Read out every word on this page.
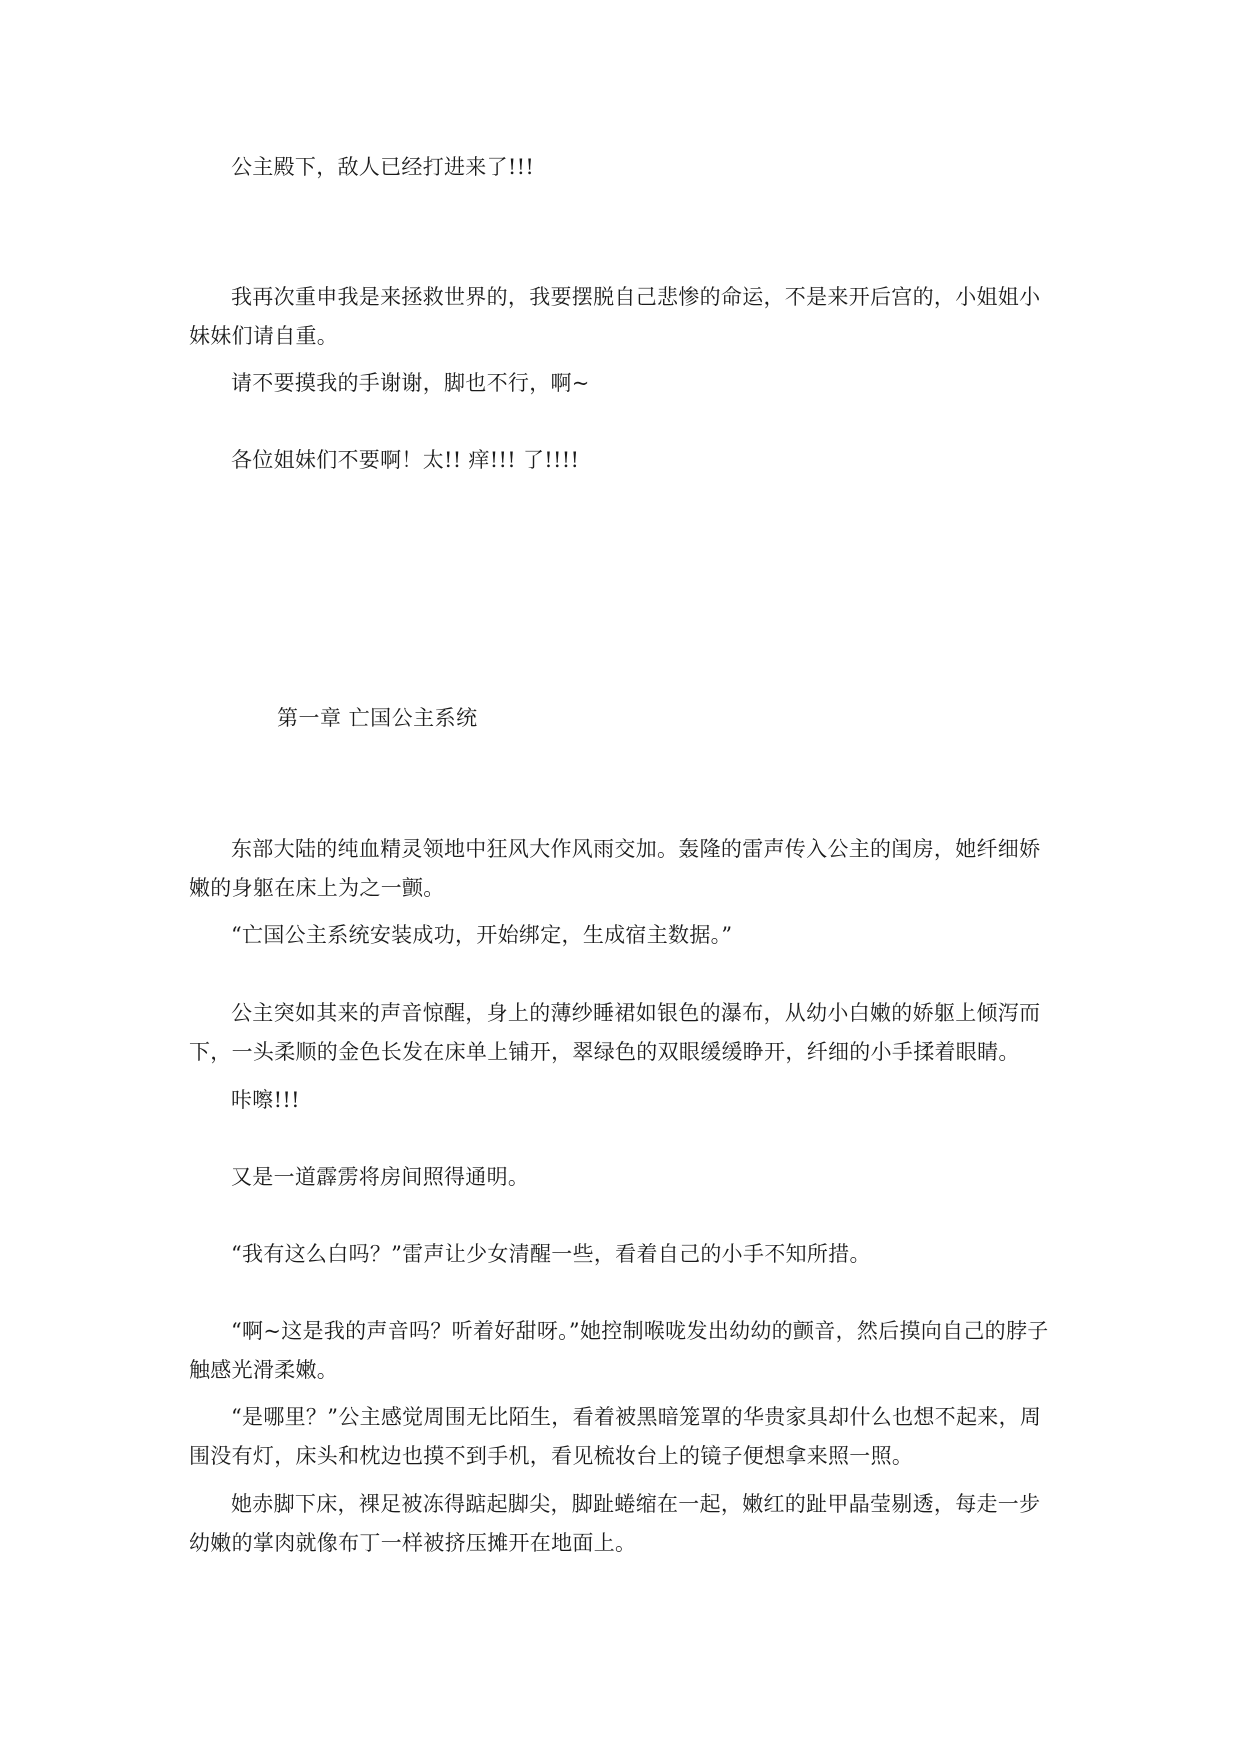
公主殿下，敌人已经打进来了!!!

我再次重申我是来拯救世界的，我要摆脱自己悲惨的命运，不是来开后宫的，小姐姐小妹妹们请自重。

请不要摸我的手谢谢，脚也不行，啊~

各位姐妹们不要啊！太!! 痒!!! 了!!!!

第一章 亡国公主系统

东部大陆的纯血精灵领地中狂风大作风雨交加。轰隆的雷声传入公主的闺房，她纤细娇嫩的身躯在床上为之一颤。

“亡国公主系统安装成功，开始绑定，生成宿主数据。”

公主突如其来的声音惊醒，身上的薄纱睡裙如银色的瀑布，从幼小白嫩的娇躯上倾泻而下，一头柔顺的金色长发在床单上铺开，翠绿色的双眼缓缓睁开，纤细的小手揉着眼睛。

咔嚓!!!

又是一道霹雳将房间照得通明。

“我有这么白吗？”雷声让少女清醒一些，看着自己的小手不知所措。

“啊~这是我的声音吗？听着好甜呀。”她控制喉咙发出幼幼的颤音，然后摸向自己的脖子触感光滑柔嫩。

“是哪里？”公主感觉周围无比陌生，看着被黑暗笼罩的华贵家具却什么也想不起来，周围没有灯，床头和枕边也摸不到手机，看见梳妆台上的镜子便想拿来照一照。

她赤脚下床，裸足被冻得踮起脚尖，脚趾蜷缩在一起，嫩红的趾甲晶莹剔透，每走一步幼嫩的掌肉就像布丁一样被挤压摊开在地面上。
